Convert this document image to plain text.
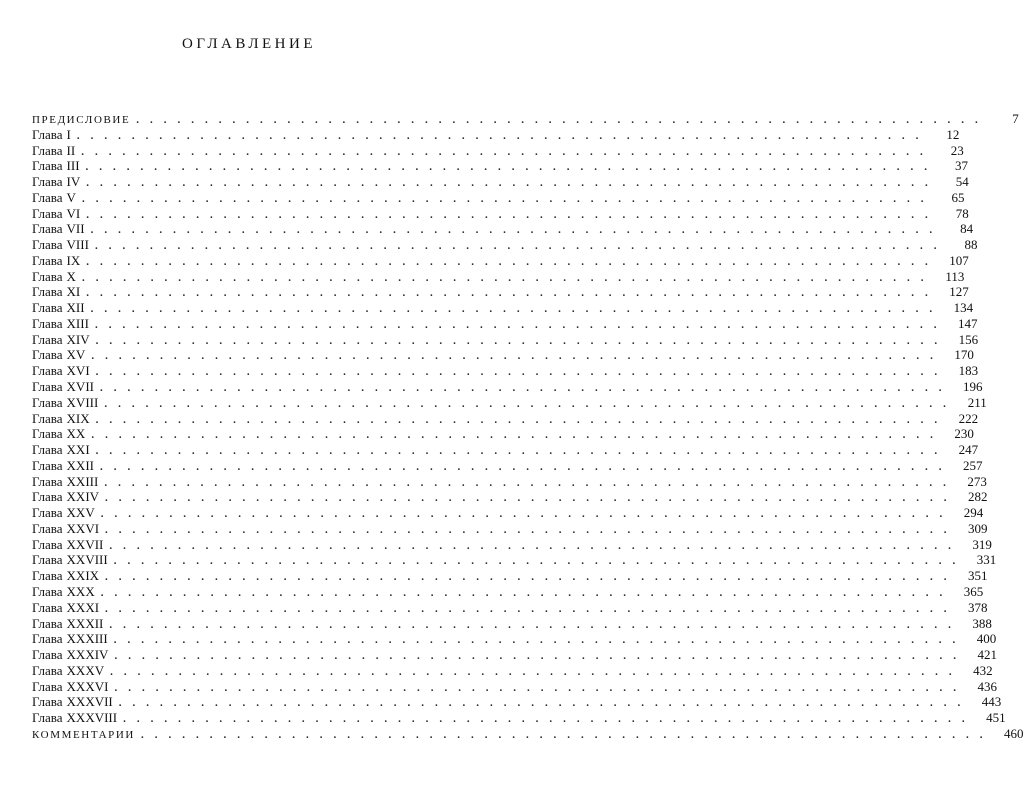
ОГЛАВЛЕНИЕ
ПРЕДИСЛОВИЕ ..............................................................	7
Глава I ..............................................................	12
Глава II ..............................................................	23
Глава III ..............................................................	37
Глава IV ..............................................................	54
Глава V ..............................................................	65
Глава VI ..............................................................	78
Глава VII ..............................................................	84
Глава VIII ..............................................................	88
Глава IX .............................................................. 107
Глава X .............................................................. 113
Глава XI .............................................................. 127
Глава XII .............................................................. 134
Глава XIII .............................................................. 147
Глава XIV .............................................................. 156
Глава XV .............................................................. 170
Глава XVI .............................................................. 183
Глава XVII .............................................................. 196
Глава XVIII .............................................................. 211
Глава XIX .............................................................. 222
Глава XX .............................................................. 230
Глава XXI .............................................................. 247
Глава XXII .............................................................. 257
Глава XXIII .............................................................. 273
Глава XXIV .............................................................. 282
Глава XXV .............................................................. 294
Глава XXVI .............................................................. 309
Глава XXVII .............................................................. 319
Глава XXVIII .............................................................. 331
Глава XXIX .............................................................. 351
Глава XXX .............................................................. 365
Глава XXXI .............................................................. 378
Глава XXXII .............................................................. 388
Глава XXXIII .............................................................. 400
Глава XXXIV .............................................................. 421
Глава XXXV .............................................................. 432
Глава XXXVI .............................................................. 436
Глава XXXVII .............................................................. 443
Глава XXXVIII .............................................................. 451
КОММЕНТАРИИ .............................................................. 460
